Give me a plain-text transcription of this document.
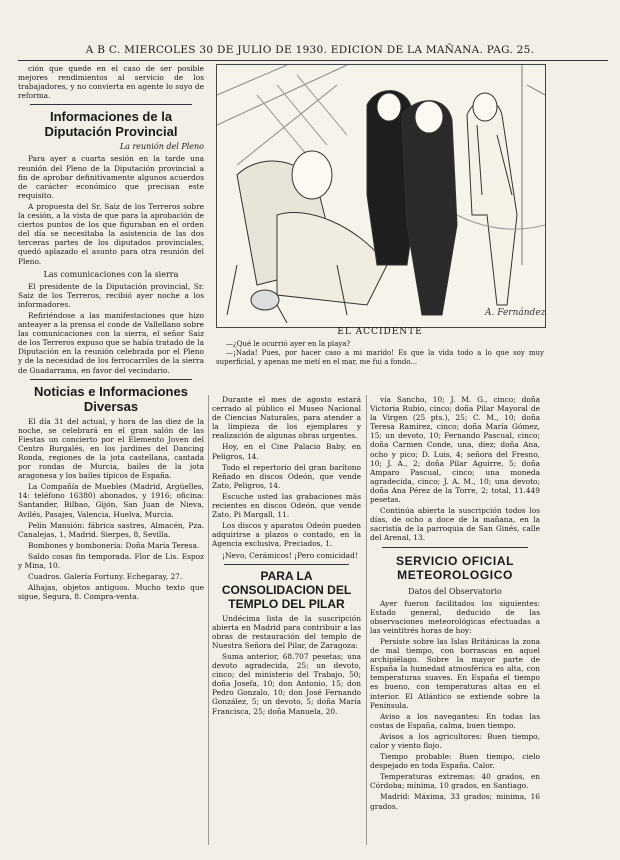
A B C. MIERCOLES 30 DE JULIO DE 1930. EDICION DE LA MAÑANA. PAG. 25.

ción que quede en el caso de ser posible mejores rendimientos al servicio de los trabajadores, y no convierta en agente lo suyo de reforma.

Informaciones de la Diputación Provincial
La reunión del Pleno

Para ayer a cuarta sesión en la tarde una reunión del Pleno de la Diputación provincial a fin de aprobar definitivamente algunos acuerdos de carácter económico que precisan este requisito.

A propuesta del Sr. Saiz de los Terreros sobre la cesión, a la vista de que para la aprobación de ciertos puntos de los que figuraban en el orden del día se necesitaba la asistencia de las dos terceras partes de los diputados provinciales, quedó aplazado el asunto para otra reunión del Pleno.

Las comunicaciones con la sierra

El presidente de la Diputación provincial, Sr. Saiz de los Terreros, recibió ayer noche a los informadores.

Refiriéndose a las manifestaciones que hizo anteayer a la prensa el conde de Vallellano sobre las comunicaciones con la sierra, el señor Saiz de los Terreros expuso que se había tratado de la Diputación en la reunión celebrada por el Pleno y de la necesidad de los ferrocarriles de la sierra de Guadarrama, en favor del vecindario.

Noticias e Informaciones Diversas

El día 31 del actual, y hora de las diez de la noche, se celebrará en el gran salón de las Fiestas un concierto por el Elemento Joven del Centro Burgalés, en los jardines del Dancing Ronda, regiones de la jota castellana, cantada por rondas de Murcia, bailes de la jota aragonesa y los bailes típicos de España.

La Compañía de Muebles (Madrid, Argüelles, 14: teléfono 16380) abonados, y 1916; oficina: Santander, Bilbao, Gijón, San Juan de Nieva, Avilés, Pasajes, Valencia, Huelva, Murcia.

Pelín Mansión: fábrica sastres, Almacén, Pza. Canalejas, 1, Madrid. Sierpes, 8, Sevilla.

Bombones y bombonería: Doña María Teresa.

Saldo cosas fin temporada. Flor de Lis. Espoz y Mina, 10.

Cuadros. Galería Fortuny. Echegaray, 27.

Alhajas, objetos antiguos. Mucho texto que sigue, Segura, 8. Compra-venta.

A. Fernández
EL ACCIDENTE

—¿Qué le ocurrió ayer en la playa?

—¡Nada! Pues, por hacer caso a mi marido! Es que la vida todo a lo que soy muy superficial, y apenas me metí en el mar, me fui a fondo...

Durante el mes de agosto estará cerrado al público el Museo Nacional de Ciencias Naturales, para atender a la limpieza de los ejemplares y realización de algunas obras urgentes.

Hoy, en el Cine Palacio Baby, en Peligros, 14.

Todo el repertorio del gran barítono Reñado en discos Odeón, que vende Zato, Peligros, 14.

Escuche usted las grabaciones más recientes en discos Odeón, que vende Zato, Pi Margall, 11.

Los discos y aparatos Odeón pueden adquirirse a plazos o contado, en la Agencia exclusiva, Preciados, 1.

¡Nevo, Cerámicos! ¡Pero comicidad!

PARA LA CONSOLIDACION DEL TEMPLO DEL PILAR

Undécima lista de la suscripción abierta en Madrid para contribuir a las obras de restauración del templo de Nuestra Señora del Pilar, de Zaragoza:

Suma anterior, 68.707 pesetas; una devoto agradecida, 25; un devoto, cinco; del ministerio del Trabajo, 50; doña Josefa, 10; don Antonio, 15; don Pedro Gonzalo, 10; don José Fernando González, 5; un devoto, 5; doña María Francisca, 25; doña Manuela, 20.

vía Sancho, 10; J. M. G., cinco; doña Victoria Rubio, cinco; doña Pilar Mayoral de la Virgen (25 pts.), 25; C. M., 10; doña Teresa Ramírez, cinco; doña María Gómez, 15; un devoto, 10; Fernando Pascual, cinco; doña Carmen Conde, una, diez; doña Ana, ocho y pico; D. Luis, 4; señora del Fresno, 10; J. A., 2; doña Pilar Aguirre, 5; doña Amparo Pascual, cinco; una moneda agradecida, cinco; J. A. M., 10; una devoto; doña Ana Pérez de la Torre, 2; total, 11.449 pesetas.

Continúa abierta la suscripción todos los días, de ocho a doce de la mañana, en la sacristía de la parroquia de San Ginés, calle del Arenal, 13.

SERVICIO OFICIAL METEOROLOGICO
Datos del Observatorio

Ayer fueron facilitados los siguientes: Estado general, deducido de las observaciones meteorológicas efectuadas a las veintitrés horas de hoy:

Persiste sobre las Islas Británicas la zona de mal tiempo, con borrascas en aquel archipiélago. Sobre la mayor parte de España la humedad atmosférica es alta, con temperaturas suaves. En España el tiempo es bueno, con temperaturas altas en el interior. El Atlántico se extiende sobre la Península.

Aviso a los navegantes: En todas las costas de España, calma, buen tiempo.

Avisos a los agricultores: Buen tiempo, calor y viento flojo.

Tiempo probable: Buen tiempo, cielo despejado en toda España. Calor.

Temperaturas extremas: 40 grados, en Córdoba; mínima, 10 grados, en Santiago.

Madrid: Máxima, 33 grados; mínima, 16 grados.
